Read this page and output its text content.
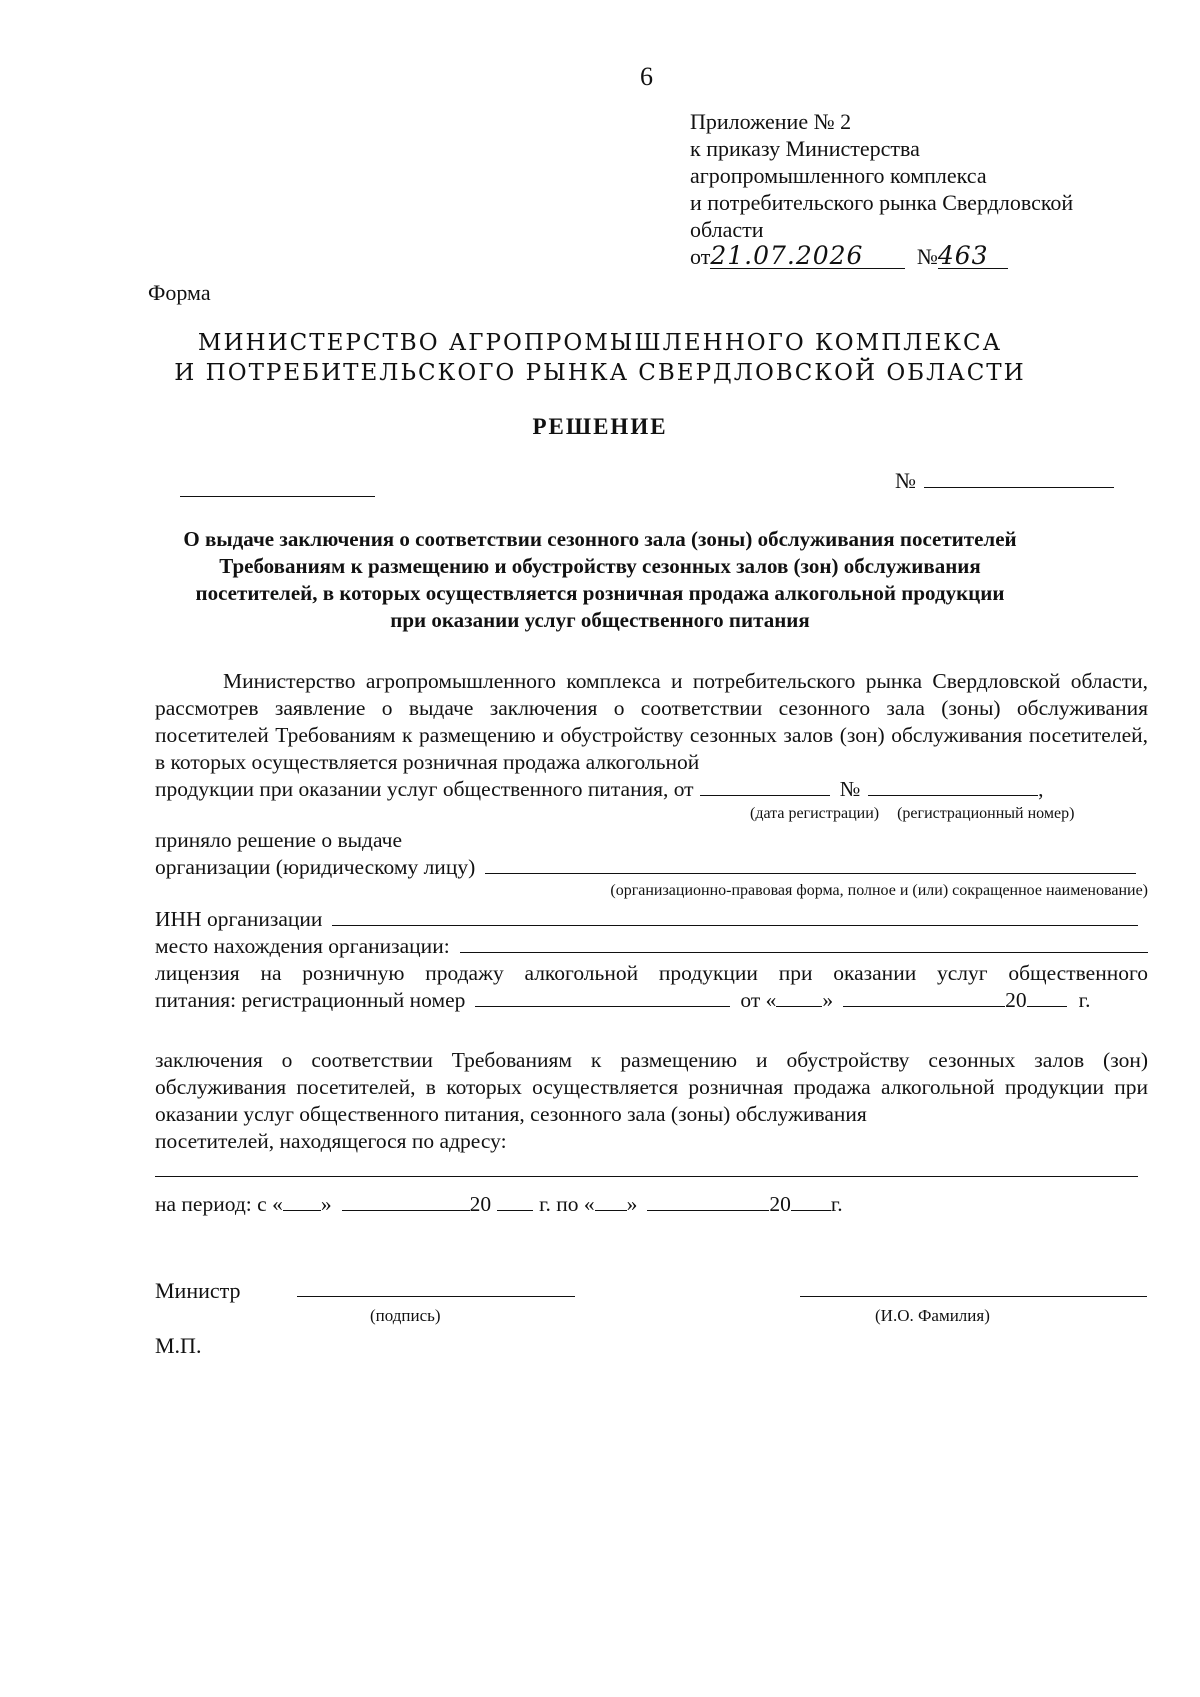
6
Приложение № 2
к приказу Министерства
агропромышленного комплекса
и потребительского рынка Свердловской
области
от21.07.2026 №463
Форма
МИНИСТЕРСТВО АГРОПРОМЫШЛЕННОГО КОМПЛЕКСА
И ПОТРЕБИТЕЛЬСКОГО РЫНКА СВЕРДЛОВСКОЙ ОБЛАСТИ
РЕШЕНИЕ
№
О выдаче заключения о соответствии сезонного зала (зоны) обслуживания посетителей
Требованиям к размещению и обустройству сезонных залов (зон) обслуживания
посетителей, в которых осуществляется розничная продажа алкогольной продукции
при оказании услуг общественного питания
Министерство агропромышленного комплекса и потребительского рынка Свердловской области, рассмотрев заявление о выдаче заключения о соответствии сезонного зала (зоны) обслуживания посетителей Требованиям к размещению и обустройству сезонных залов (зон) обслуживания посетителей, в которых осуществляется розничная продажа алкогольной
продукции при оказании услуг общественного питания, от	№	,
(дата регистрации) (регистрационный номер)
приняло решение о выдаче
организации (юридическому лицу)
(организационно-правовая форма, полное и (или) сокращенное наименование)
ИНН организации
место нахождения организации:
лицензия на розничную продажу алкогольной продукции при оказании услуг общественного
питания: регистрационный номер	от « »	20 г.
заключения о соответствии Требованиям к размещению и обустройству сезонных залов (зон) обслуживания посетителей, в которых осуществляется розничная продажа алкогольной продукции при оказании услуг общественного питания, сезонного зала (зоны) обслуживания
посетителей, находящегося по адресу:
на период: с « »	20 г. по « »	20 г.
Министр
(подпись)	(И.О. Фамилия)
М.П.
